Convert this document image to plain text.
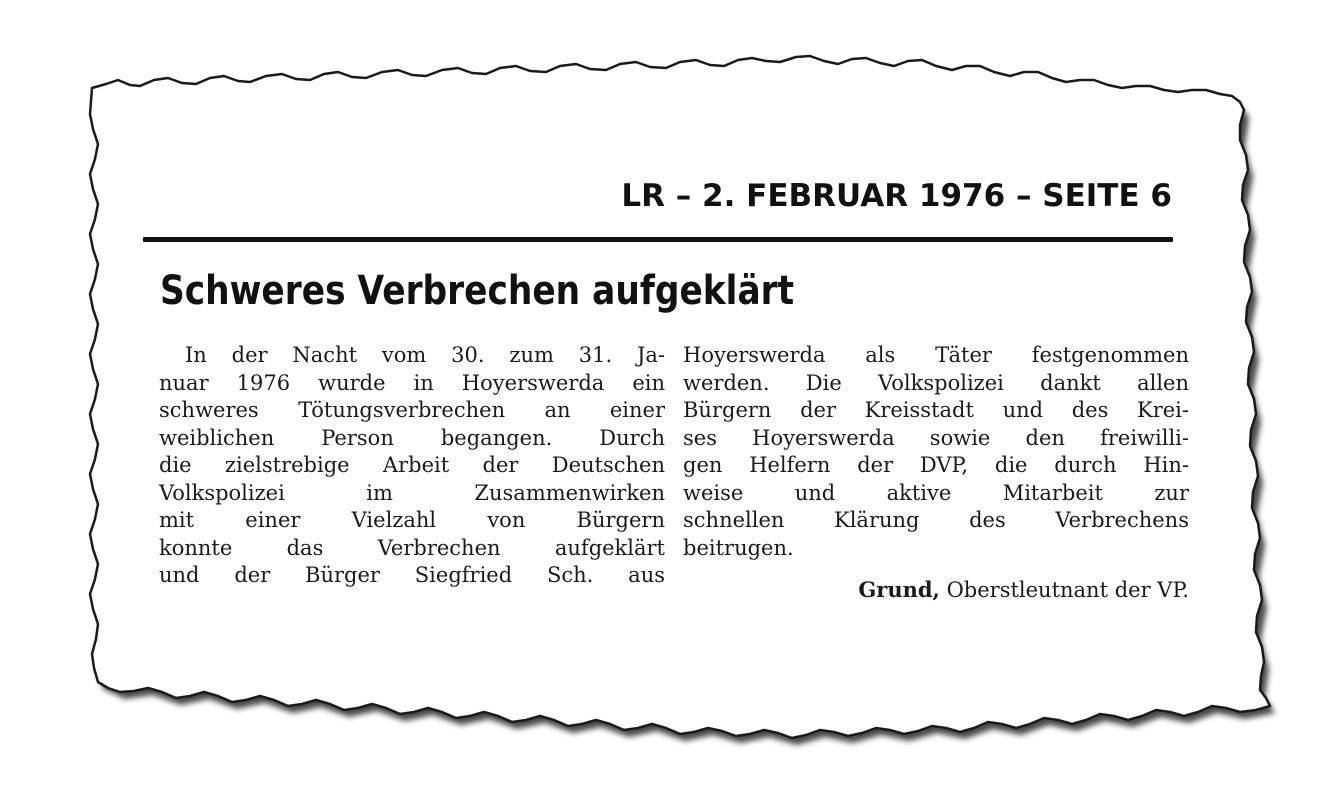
LR – 2. FEBRUAR 1976 – SEITE 6
Schweres Verbrechen aufgeklärt
In der Nacht vom 30. zum 31. Ja-
nuar 1976 wurde in Hoyerswerda ein
schweres Tötungsverbrechen an einer
weiblichen Person begangen. Durch
die zielstrebige Arbeit der Deutschen
Volkspolizei im Zusammenwirken
mit einer Vielzahl von Bürgern
konnte das Verbrechen aufgeklärt
und der Bürger Siegfried Sch. aus
Hoyerswerda als Täter festgenommen
werden. Die Volkspolizei dankt allen
Bürgern der Kreisstadt und des Krei-
ses Hoyerswerda sowie den freiwilli-
gen Helfern der DVP, die durch Hin-
weise und aktive Mitarbeit zur
schnellen Klärung des Verbrechens
beitrugen.
Grund, Oberstleutnant der VP.
